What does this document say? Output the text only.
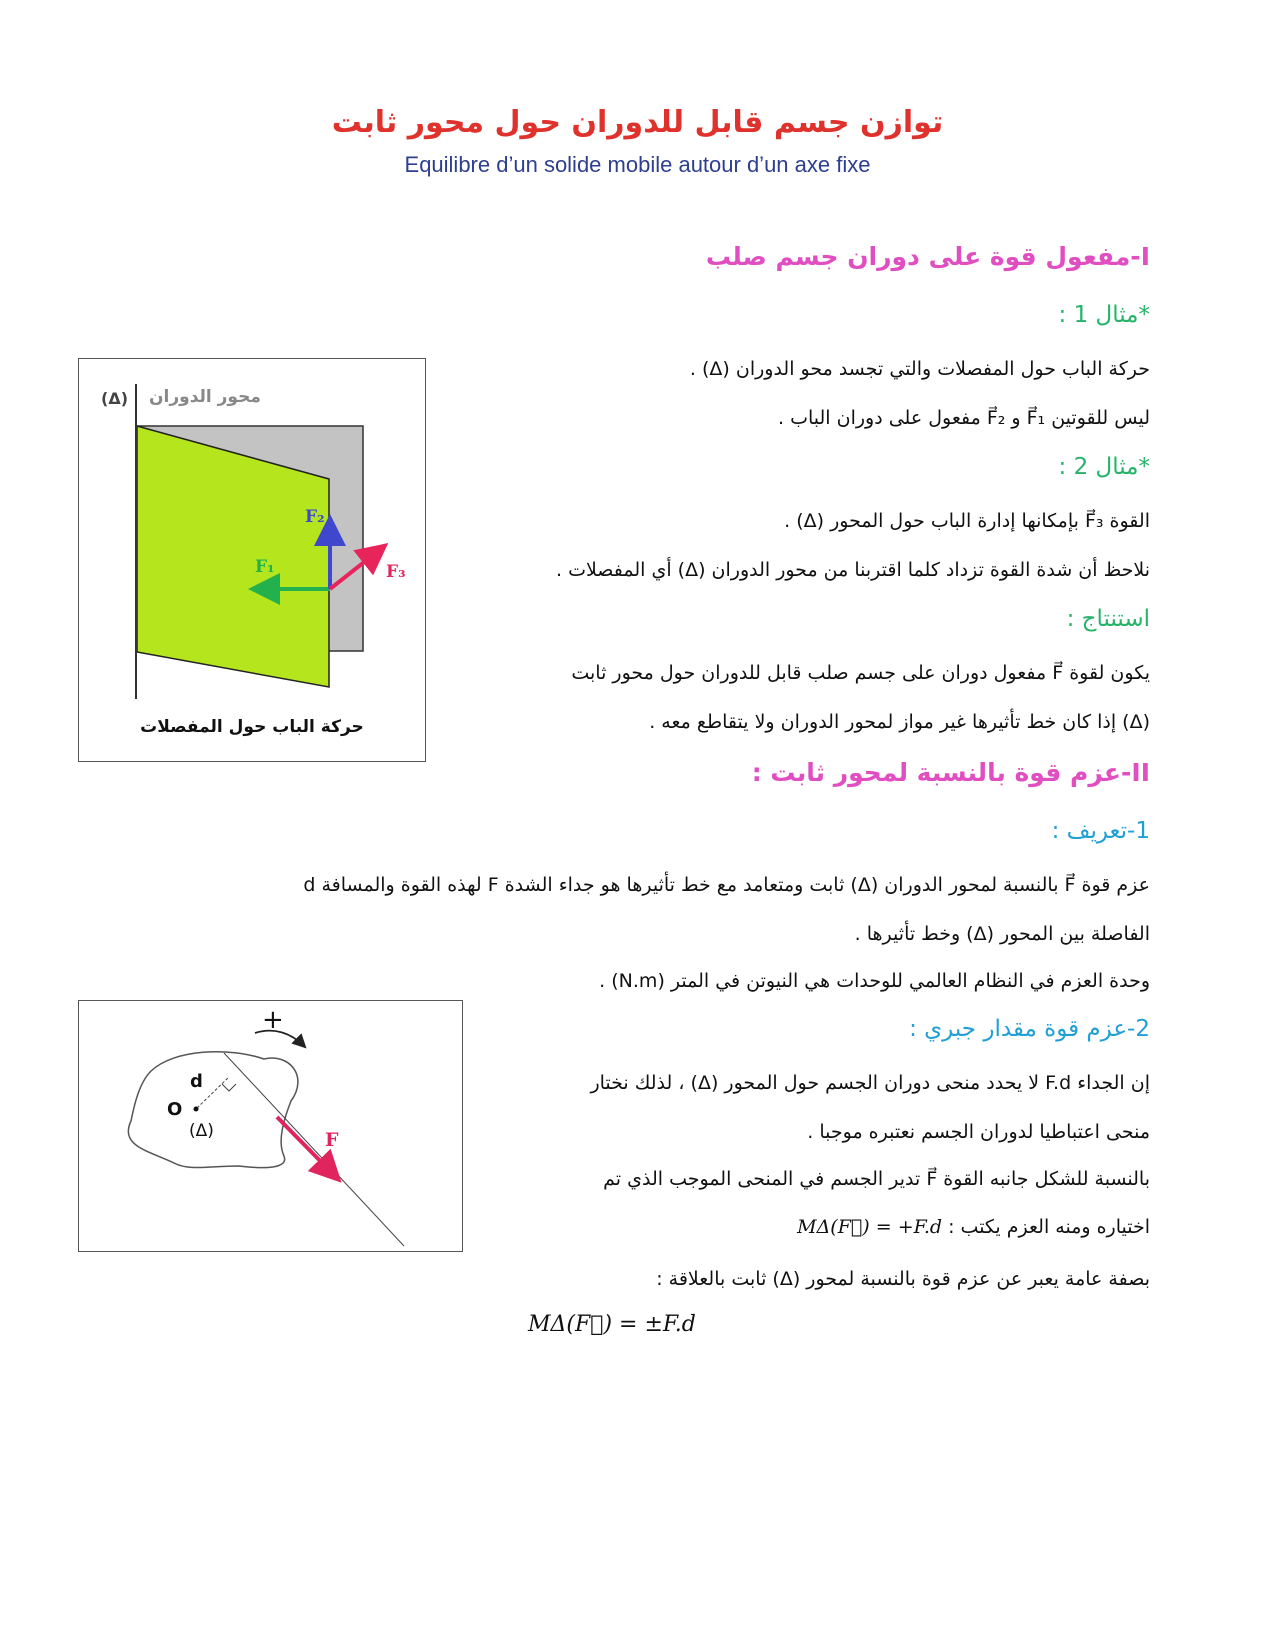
توازن جسم قابل للدوران حول محور ثابت
Equilibre d’un solide mobile autour d’un axe fixe
I-مفعول قوة على دوران جسم صلب
*مثال 1 :
حركة الباب حول المفصلات والتي تجسد محو الدوران (Δ) .
ليس للقوتين F⃗₁ و F⃗₂ مفعول على دوران الباب .
*مثال 2 :
القوة F⃗₃ بإمكانها إدارة الباب حول المحور (Δ) .
نلاحظ أن شدة القوة تزداد كلما اقتربنا من محور الدوران (Δ) أي المفصلات .
استنتاج :
يكون لقوة F⃗ مفعول دوران على جسم صلب قابل للدوران حول محور ثابت
(Δ) إذا كان خط تأثيرها غير مواز لمحور الدوران ولا يتقاطع معه .
(Δ) محور الدوران
F₂
F₁	F₃
حركة الباب حول المفصلات
II-عزم قوة بالنسبة لمحور ثابت :
1-تعريف :
عزم قوة F⃗ بالنسبة لمحور الدوران (Δ) ثابت ومتعامد مع خط تأثيرها هو جداء الشدة F لهذه القوة والمسافة d
الفاصلة بين المحور (Δ) وخط تأثيرها .
وحدة العزم في النظام العالمي للوحدات هي النيوتن في المتر (N.m) .
2-عزم قوة مقدار جبري :
إن الجداء F.d لا يحدد منحى دوران الجسم حول المحور (Δ) ، لذلك نختار
منحى اعتباطيا لدوران الجسم نعتبره موجبا .
بالنسبة للشكل جانبه القوة F⃗ تدير الجسم في المنحى الموجب الذي تم
اختياره ومنه العزم يكتب : MΔ(F⃗) = +F.d
بصفة عامة يعبر عن عزم قوة بالنسبة لمحور (Δ) ثابت بالعلاقة :
MΔ(F⃗) = ±F.d
+
d
O
(Δ)	F
